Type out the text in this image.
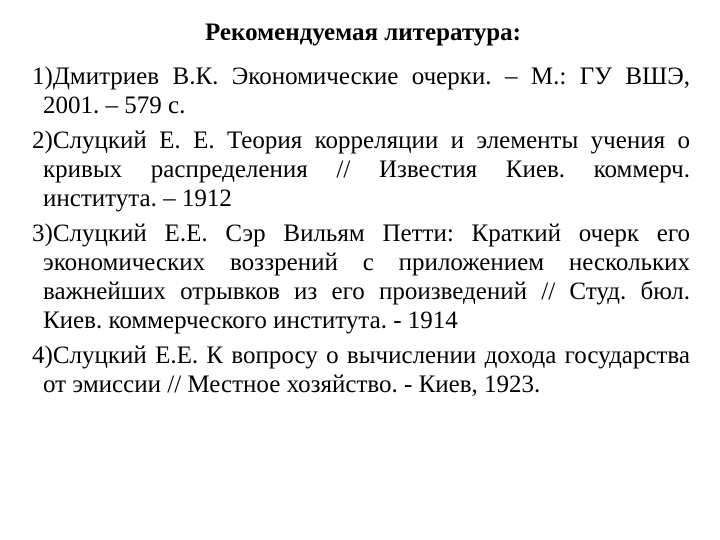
Рекомендуемая литература:
1)Дмитриев В.К. Экономические очерки. – М.: ГУ ВШЭ, 2001. – 579 с.
2)Слуцкий Е. Е. Теория корреляции и элементы учения о кривых распределения // Известия Киев. коммерч. института. – 1912
3)Слуцкий Е.Е. Сэр Вильям Петти: Краткий очерк его экономических воззрений с приложением нескольких важнейших отрывков из его произведений // Студ. бюл. Киев. коммерческого института. - 1914
4)Слуцкий Е.Е. К вопросу о вычислении дохода государства от эмиссии // Местное хозяйство. - Киев, 1923.
